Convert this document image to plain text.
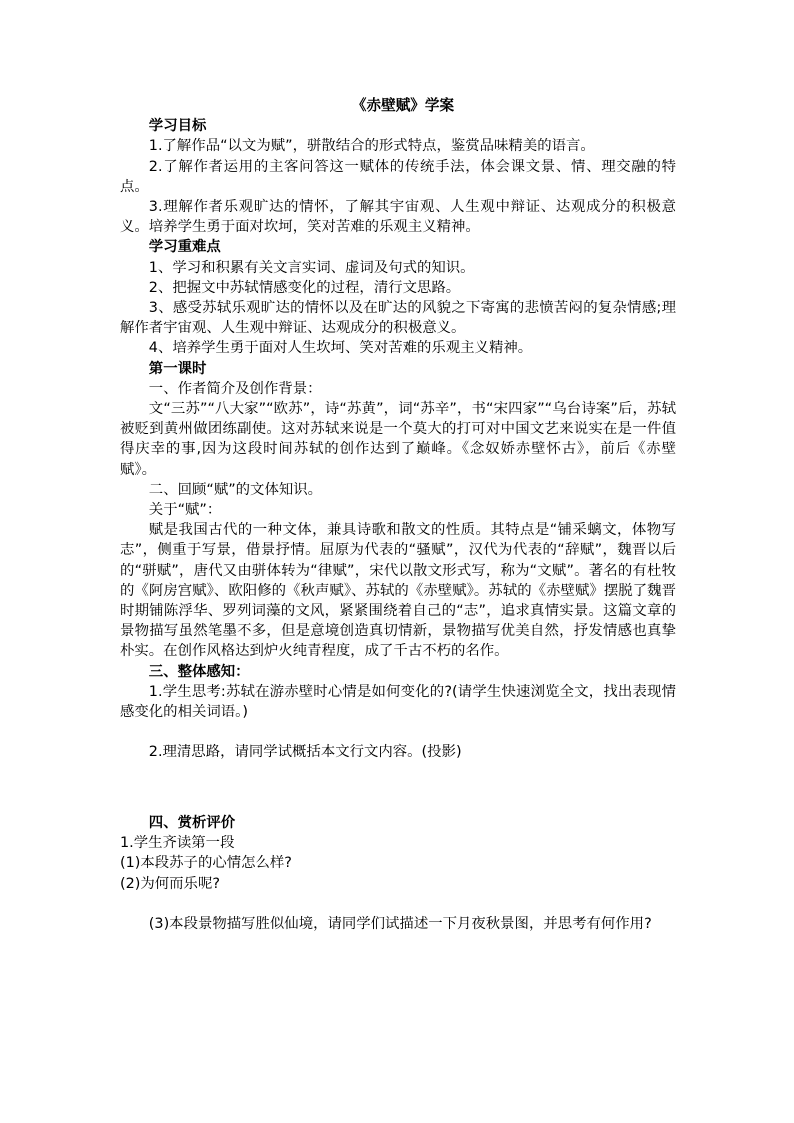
《赤壁赋》学案

学习目标

1.了解作品“以文为赋”，骈散结合的形式特点，鉴赏品味精美的语言。

2.了解作者运用的主客问答这一赋体的传统手法，体会课文景、情、理交融的特点。

3.理解作者乐观旷达的情怀，了解其宇宙观、人生观中辩证、达观成分的积极意义。培养学生勇于面对坎坷，笑对苦难的乐观主义精神。

学习重难点

1、学习和积累有关文言实词、虚词及句式的知识。

2、把握文中苏轼情感变化的过程，清行文思路。

3、感受苏轼乐观旷达的情怀以及在旷达的风貌之下寄寓的悲愤苦闷的复杂情感;理解作者宇宙观、人生观中辩证、达观成分的积极意义。

4、培养学生勇于面对人生坎坷、笑对苦难的乐观主义精神。

第一课时

一、作者简介及创作背景：

文“三苏”“八大家”“欧苏”，诗“苏黄”，词“苏辛”，书“宋四家”“乌台诗案”后，苏轼被贬到黄州做团练副使。这对苏轼来说是一个莫大的打可对中国文艺来说实在是一件值得庆幸的事,因为这段时间苏轼的创作达到了巅峰。《念奴娇赤壁怀古》，前后《赤壁赋》。

二、回顾“赋”的文体知识。

关于“赋”：

赋是我国古代的一种文体，兼具诗歌和散文的性质。其特点是“铺采螭文，体物写志”，侧重于写景，借景抒情。屈原为代表的“骚赋”，汉代为代表的“辞赋”，魏晋以后的“骈赋”，唐代又由骈体转为“律赋”，宋代以散文形式写，称为“文赋”。著名的有杜牧的《阿房宫赋》、欧阳修的《秋声赋》、苏轼的《赤壁赋》。苏轼的《赤壁赋》摆脱了魏晋时期铺陈浮华、罗列词藻的文风，紧紧围绕着自己的“志”，追求真情实景。这篇文章的景物描写虽然笔墨不多，但是意境创造真切情新，景物描写优美自然，抒发情感也真挚朴实。在创作风格达到炉火纯青程度，成了千古不朽的名作。

三、整体感知：

1.学生思考:苏轼在游赤壁时心情是如何变化的?(请学生快速浏览全文，找出表现情感变化的相关词语。)

2.理清思路，请同学试概括本文行文内容。(投影)

四、赏析评价

1.学生齐读第一段

(1)本段苏子的心情怎么样?

(2)为何而乐呢?

(3)本段景物描写胜似仙境，请同学们试描述一下月夜秋景图，并思考有何作用?
